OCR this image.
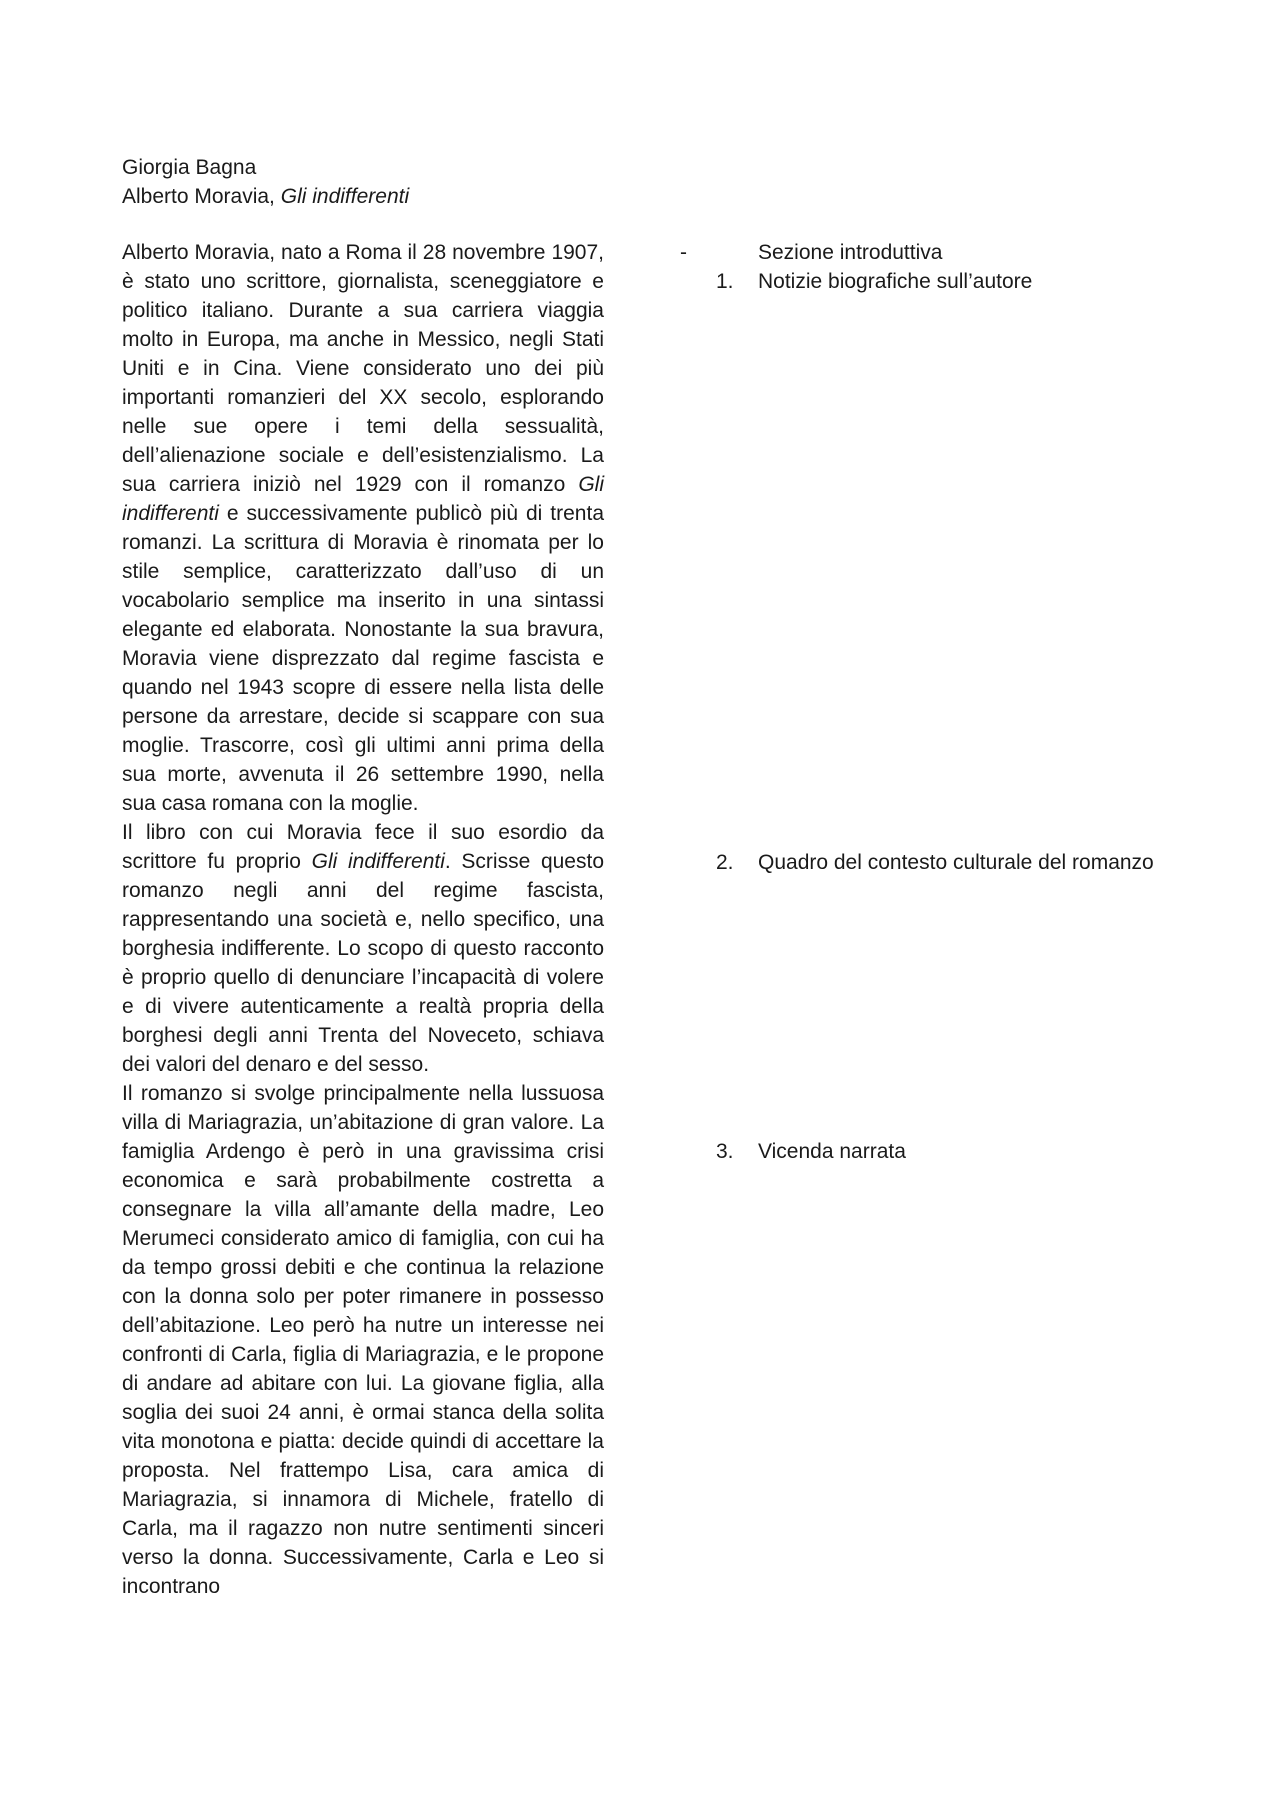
Giorgia Bagna
Alberto Moravia, Gli indifferenti

Alberto Moravia, nato a Roma il 28 novembre 1907, è stato uno scrittore, giornalista, sceneggiatore e politico italiano. Durante a sua carriera viaggia molto in Europa, ma anche in Messico, negli Stati Uniti e in Cina. Viene considerato uno dei più importanti romanzieri del XX secolo, esplorando nelle sue opere i temi della sessualità, dell’alienazione sociale e dell’esistenzialismo. La sua carriera iniziò nel 1929 con il romanzo Gli indifferenti e successivamente publicò più di trenta romanzi. La scrittura di Moravia è rinomata per lo stile semplice, caratterizzato dall’uso di un vocabolario semplice ma inserito in una sintassi elegante ed elaborata. Nonostante la sua bravura, Moravia viene disprezzato dal regime fascista e quando nel 1943 scopre di essere nella lista delle persone da arrestare, decide si scappare con sua moglie. Trascorre, così gli ultimi anni prima della sua morte, avvenuta il 26 settembre 1990, nella sua casa romana con la moglie.

Il libro con cui Moravia fece il suo esordio da scrittore fu proprio Gli indifferenti. Scrisse questo romanzo negli anni del regime fascista, rappresentando una società e, nello specifico, una borghesia indifferente. Lo scopo di questo racconto è proprio quello di denunciare l’incapacità di volere e di vivere autenticamente a realtà propria della borghesi degli anni Trenta del Noveceto, schiava dei valori del denaro e del sesso.

Il romanzo si svolge principalmente nella lussuosa villa di Mariagrazia, un’abitazione di gran valore. La famiglia Ardengo è però in una gravissima crisi economica e sarà probabilmente costretta a consegnare la villa all’amante della madre, Leo Merumeci considerato amico di famiglia, con cui ha da tempo grossi debiti e che continua la relazione con la donna solo per poter rimanere in possesso dell’abitazione. Leo però ha nutre un interesse nei confronti di Carla, figlia di Mariagrazia, e le propone di andare ad abitare con lui. La giovane figlia, alla soglia dei suoi 24 anni, è ormai stanca della solita vita monotona e piatta: decide quindi di accettare la proposta. Nel frattempo Lisa, cara amica di Mariagrazia, si innamora di Michele, fratello di Carla, ma il ragazzo non nutre sentimenti sinceri verso la donna. Successivamente, Carla e Leo si incontrano

-	Sezione introduttiva
1. Notizie biografiche sull’autore
2. Quadro del contesto culturale del romanzo
3. Vicenda narrata
